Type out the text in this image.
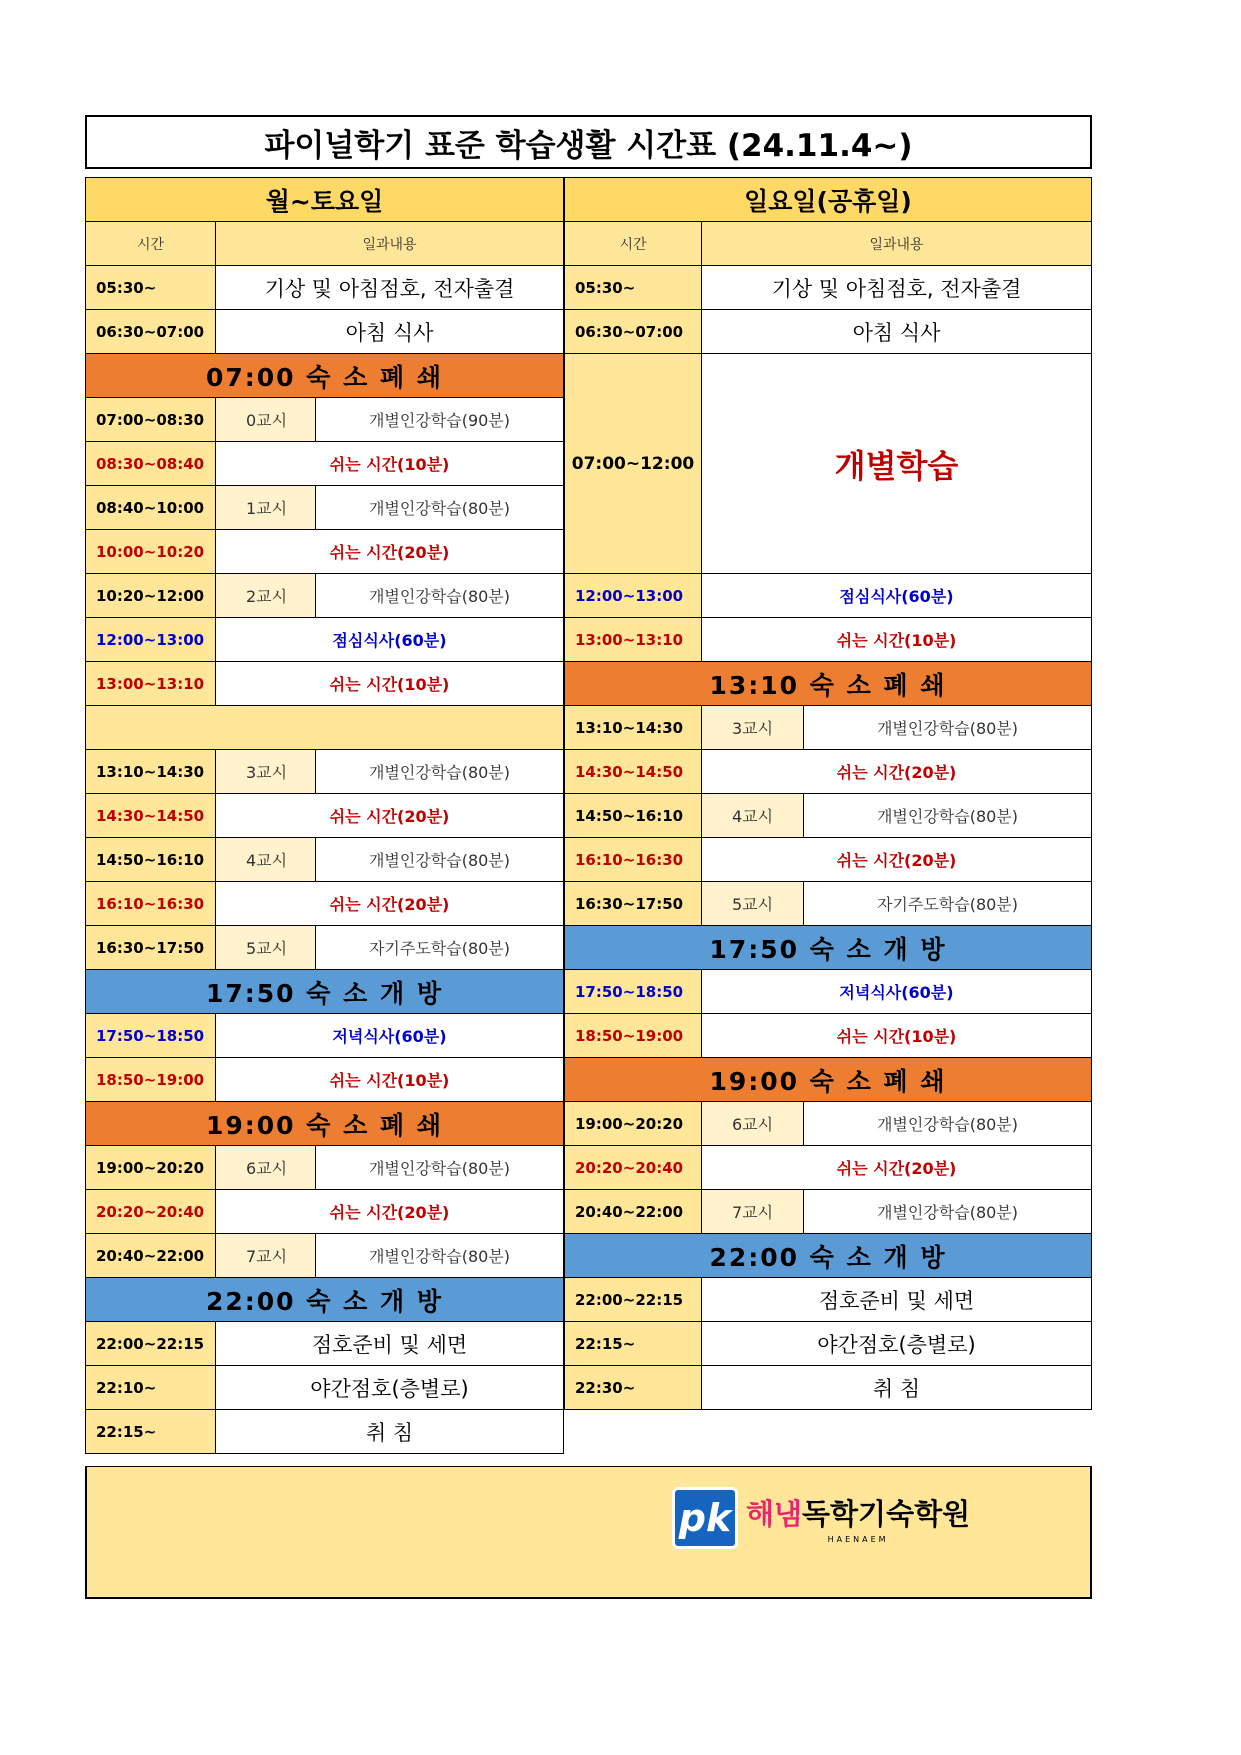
파이널학기 표준 학습생활 시간표 (24.11.4~)
월~토요일		
시간	일과내용	
05:30~	기상 및 아침점호, 전자출결	
06:30~07:00	아침 식사	
07:00 숙 소 폐 쇄		
07:00~08:30	0교시	개별인강학습(90분)
08:30~08:40	쉬는 시간(10분)	
08:40~10:00	1교시	개별인강학습(80분)
10:00~10:20	쉬는 시간(20분)	
10:20~12:00	2교시	개별인강학습(80분)
12:00~13:00	점심식사(60분)	
13:00~13:10	쉬는 시간(10분)	

13:10~14:30	3교시	개별인강학습(80분)
14:30~14:50	쉬는 시간(20분)	
14:50~16:10	4교시	개별인강학습(80분)
16:10~16:30	쉬는 시간(20분)	
16:30~17:50	5교시	자기주도학습(80분)
17:50 숙 소 개 방		
17:50~18:50	저녁식사(60분)	
18:50~19:00	쉬는 시간(10분)	
19:00 숙 소 폐 쇄		
19:00~20:20	6교시	개별인강학습(80분)
20:20~20:40	쉬는 시간(20분)	
20:40~22:00	7교시	개별인강학습(80분)
22:00 숙 소 개 방		
22:00~22:15	점호준비 및 세면	
22:10~	야간점호(층별로)	
22:15~	취 침	
일요일(공휴일)		
시간	일과내용	
05:30~	기상 및 아침점호, 전자출결	
06:30~07:00	아침 식사	
07:00~12:00	개별학습	

12:00~13:00	점심식사(60분)	
13:00~13:10	쉬는 시간(10분)	
13:10 숙 소 폐 쇄		
13:10~14:30	3교시	개별인강학습(80분)
14:30~14:50	쉬는 시간(20분)	
14:50~16:10	4교시	개별인강학습(80분)
16:10~16:30	쉬는 시간(20분)	
16:30~17:50	5교시	자기주도학습(80분)
17:50 숙 소 개 방		
17:50~18:50	저녁식사(60분)	
18:50~19:00	쉬는 시간(10분)	
19:00 숙 소 폐 쇄		
19:00~20:20	6교시	개별인강학습(80분)
20:20~20:40	쉬는 시간(20분)	
20:40~22:00	7교시	개별인강학습(80분)
22:00 숙 소 개 방		
22:00~22:15	점호준비 및 세면	
22:15~	야간점호(층별로)	
22:30~	취 침	
pk 해냄독학기숙학원
HAENAEM
